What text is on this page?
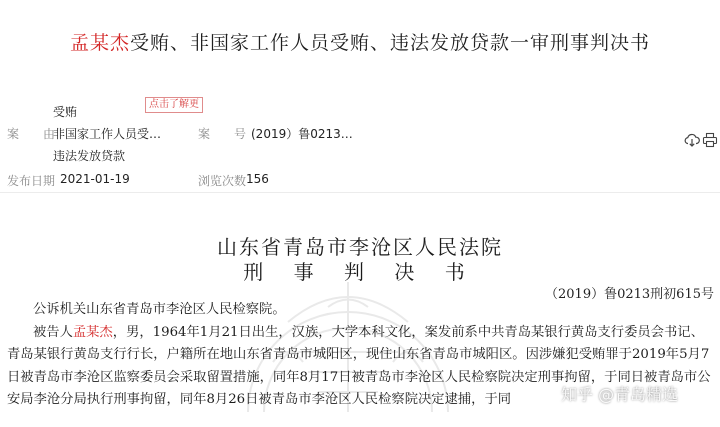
孟某杰受贿、非国家工作人员受贿、违法发放贷款一审刑事判决书
案　　由
受贿
非国家工作人员受…
违法发放贷款
点击了解更
案　　号 (2019）鲁0213…
发布日期 2021-01-19	浏览次数 156
山东省青岛市李沧区人民法院
刑 事 判 决 书
（2019）鲁0213刑初615号

公诉机关山东省青岛市李沧区人民检察院。

被告人孟某杰，男，1964年1月21日出生，汉族，大学本科文化，案发前系中共青岛某银行黄岛支行委员会书记、青岛某银行黄岛支行行长，户籍所在地山东省青岛市城阳区，现住山东省青岛市城阳区。因涉嫌犯受贿罪于2019年5月7日被青岛市李沧区监察委员会采取留置措施，同年8月17日被青岛市李沧区人民检察院决定刑事拘留，于同日被青岛市公安局李沧分局执行刑事拘留，同年8月26日被青岛市李沧区人民检察院决定逮捕，于同	知乎 @青岛精选
